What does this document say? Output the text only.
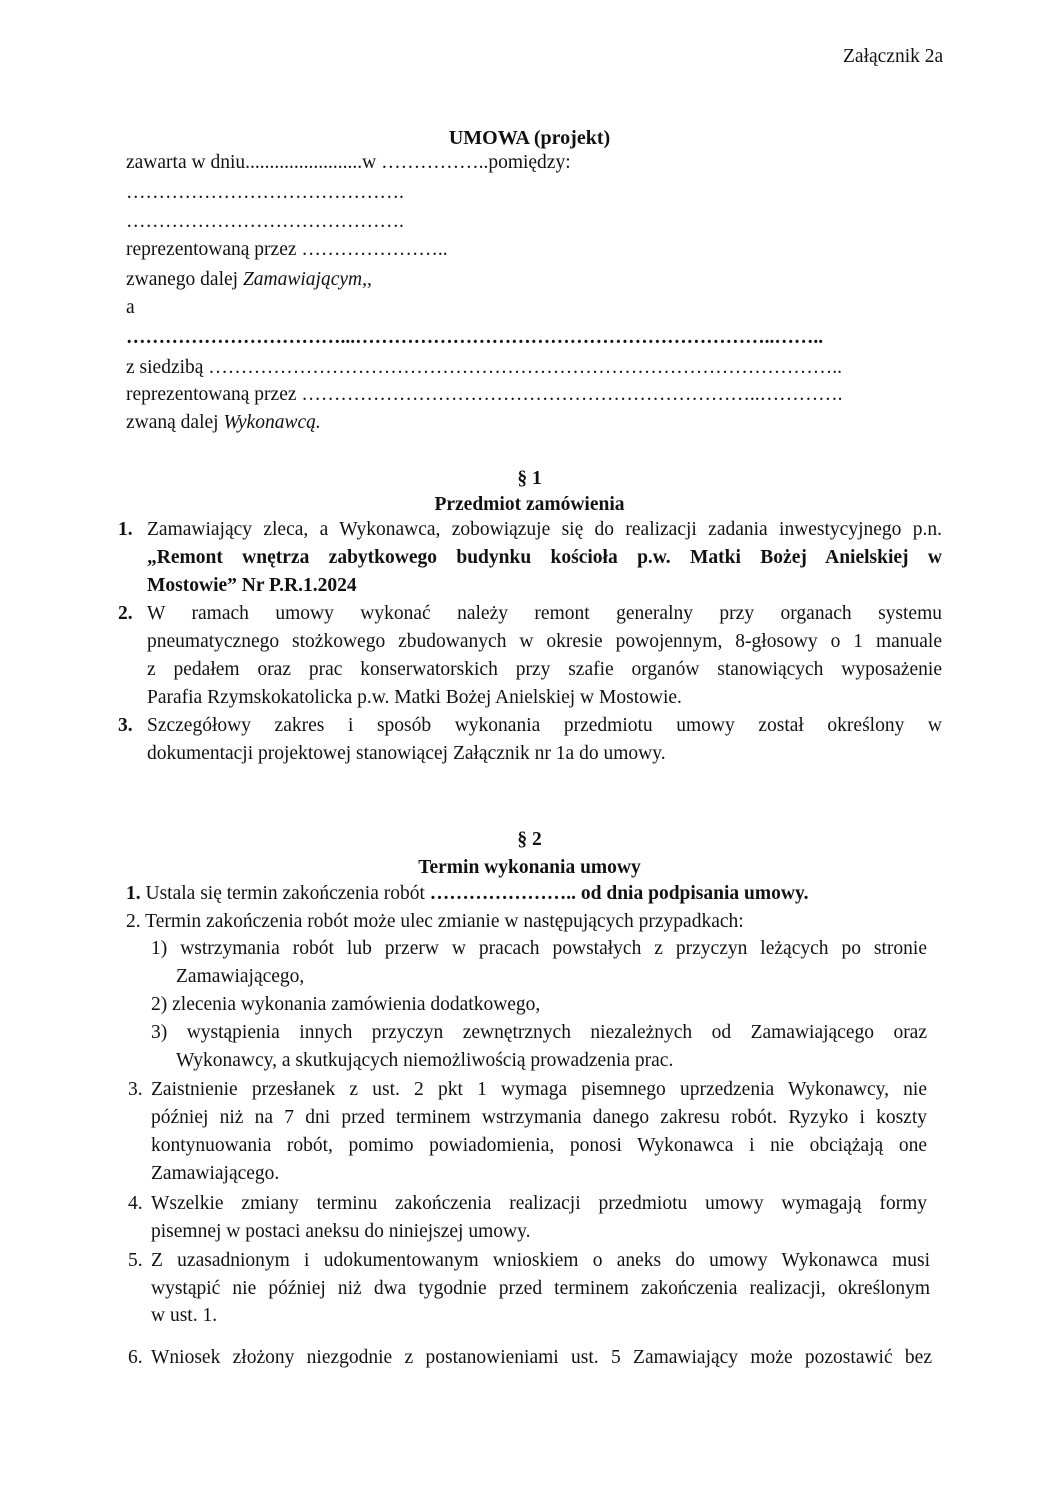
Załącznik 2a
UMOWA (projekt)
zawarta w dniu........................w ……………..pomiędzy:
…………………………………….
…………………………………….
reprezentowaną przez …………………..
zwanego dalej Zamawiającym,,
a
……………………………...………………………………………………………..……..
z siedzibą ……………………………………………………………………………………..
reprezentowaną przez ……………………………………………………………..………….
zwaną dalej Wykonawcą.
§ 1
Przedmiot zamówienia
1. Zamawiający zleca, a Wykonawca, zobowiązuje się do realizacji zadania inwestycyjnego p.n.
„Remont wnętrza zabytkowego budynku kościoła p.w. Matki Bożej Anielskiej w
Mostowie” Nr P.R.1.2024
2. W ramach umowy wykonać należy remont generalny przy organach systemu
pneumatycznego stożkowego zbudowanych w okresie powojennym, 8-głosowy o 1 manuale
z pedałem oraz prac konserwatorskich przy szafie organów stanowiących wyposażenie
Parafia Rzymskokatolicka p.w. Matki Bożej Anielskiej w Mostowie.
3. Szczegółowy zakres i sposób wykonania przedmiotu umowy został określony w
dokumentacji projektowej stanowiącej Załącznik nr 1a do umowy.
§ 2
Termin wykonania umowy
1. Ustala się termin zakończenia robót ………………….. od dnia podpisania umowy.
2. Termin zakończenia robót może ulec zmianie w następujących przypadkach:
1) wstrzymania robót lub przerw w pracach powstałych z przyczyn leżących po stronie
Zamawiającego,
2) zlecenia wykonania zamówienia dodatkowego,
3) wystąpienia innych przyczyn zewnętrznych niezależnych od Zamawiającego oraz
Wykonawcy, a skutkujących niemożliwością prowadzenia prac.
3. Zaistnienie przesłanek z ust. 2 pkt 1 wymaga pisemnego uprzedzenia Wykonawcy, nie
później niż na 7 dni przed terminem wstrzymania danego zakresu robót. Ryzyko i koszty
kontynuowania robót, pomimo powiadomienia, ponosi Wykonawca i nie obciążają one
Zamawiającego.
4. Wszelkie zmiany terminu zakończenia realizacji przedmiotu umowy wymagają formy
pisemnej w postaci aneksu do niniejszej umowy.
5. Z uzasadnionym i udokumentowanym wnioskiem o aneks do umowy Wykonawca musi
wystąpić nie później niż dwa tygodnie przed terminem zakończenia realizacji, określonym
w ust. 1.
6. Wniosek złożony niezgodnie z postanowieniami ust. 5 Zamawiający może pozostawić bez
